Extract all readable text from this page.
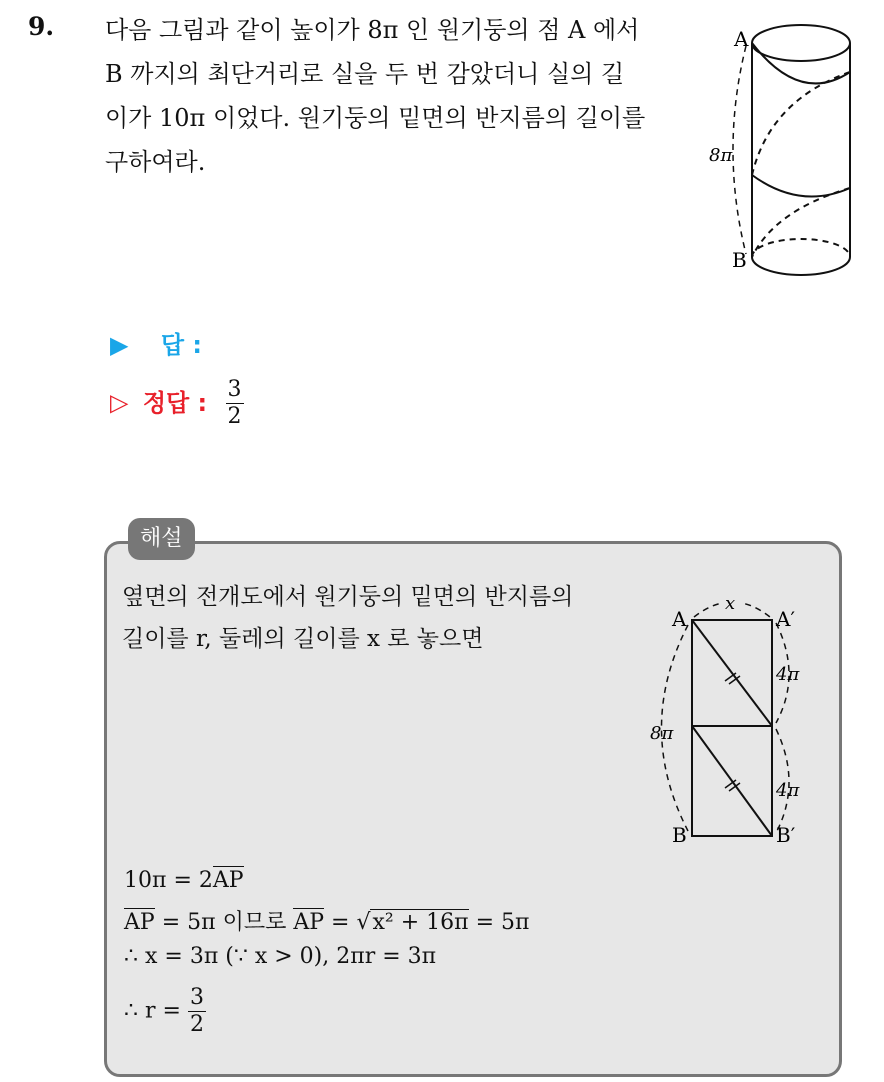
9. 다음 그림과 같이 높이가 8π 인 원기둥의 점 A 에서
B 까지의 최단거리로 실을 두 번 감았더니 실의 길
이가 10π 이었다. 원기둥의 밑면의 반지름의 길이를
구하여라.
A
B
8π
▶ 답 :
▷ 정답 : $\frac{3}{2}$
해설
옆면의 전개도에서 원기둥의 밑면의 반지름의
길이를 r, 둘레의 길이를 x 로 놓으면
x
A	A′
B	B′
8π
4π
4π
10π = 2AP
AP = 5π 이므로 AP = √x² + 16π = 5π
∴ x = 3π (∵ x > 0), 2πr = 3π
∴ $r = \frac{3}{2}$
